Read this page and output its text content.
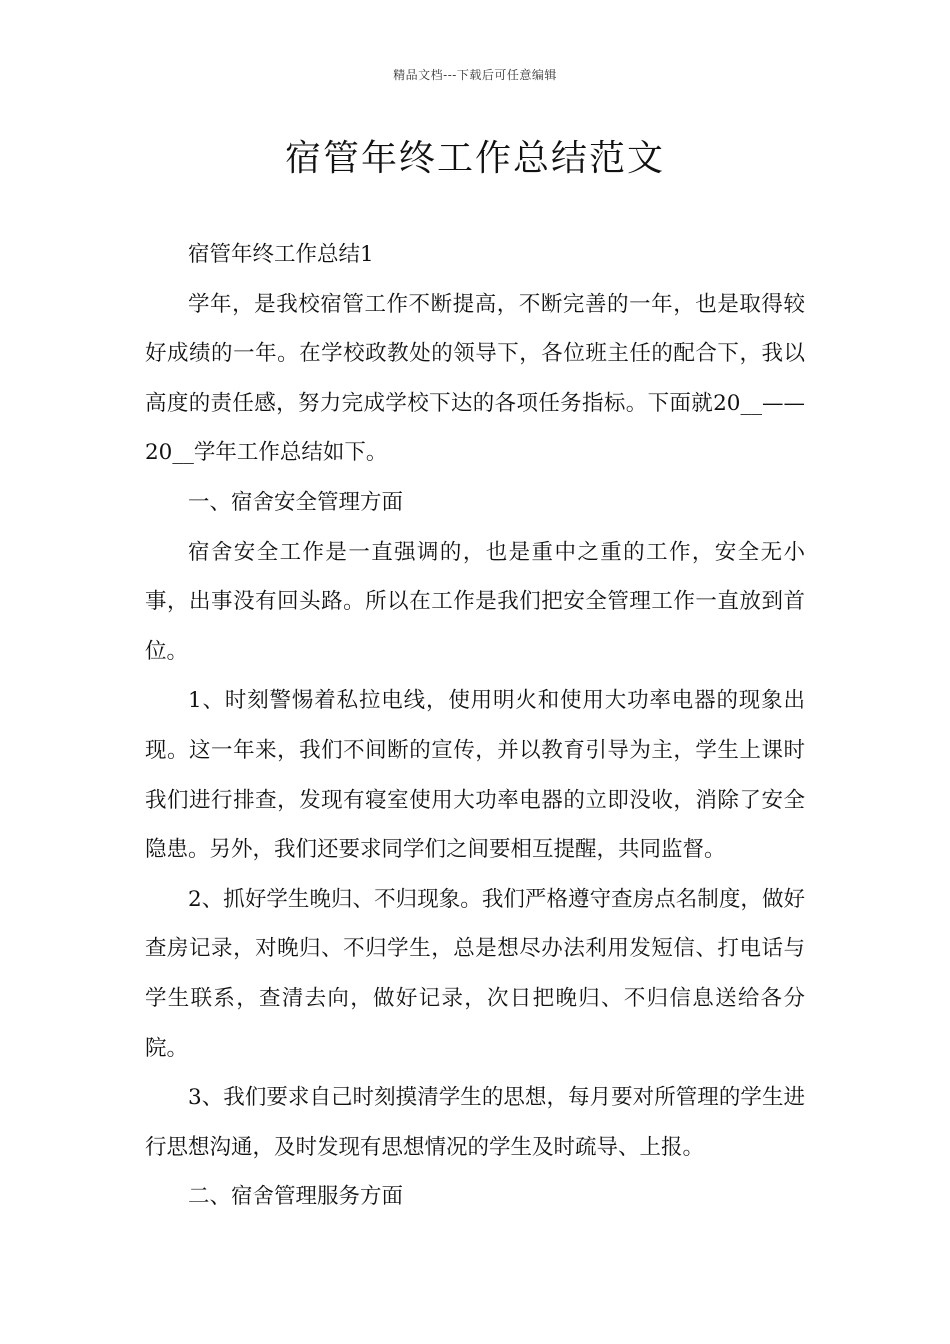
精品文档---下载后可任意编辑
宿管年终工作总结范文

宿管年终工作总结1

学年，是我校宿管工作不断提高，不断完善的一年，也是取得较好成绩的一年。在学校政教处的领导下，各位班主任的配合下，我以高度的责任感，努力完成学校下达的各项任务指标。下面就20__——20__学年工作总结如下。

一、宿舍安全管理方面

宿舍安全工作是一直强调的，也是重中之重的工作，安全无小事，出事没有回头路。所以在工作是我们把安全管理工作一直放到首位。

1、时刻警惕着私拉电线，使用明火和使用大功率电器的现象出现。这一年来，我们不间断的宣传，并以教育引导为主，学生上课时我们进行排查，发现有寝室使用大功率电器的立即没收，消除了安全隐患。另外，我们还要求同学们之间要相互提醒，共同监督。

2、抓好学生晚归、不归现象。我们严格遵守查房点名制度，做好查房记录，对晚归、不归学生，总是想尽办法利用发短信、打电话与学生联系，查清去向，做好记录，次日把晚归、不归信息送给各分院。

3、我们要求自己时刻摸清学生的思想，每月要对所管理的学生进行思想沟通，及时发现有思想情况的学生及时疏导、上报。

二、宿舍管理服务方面
